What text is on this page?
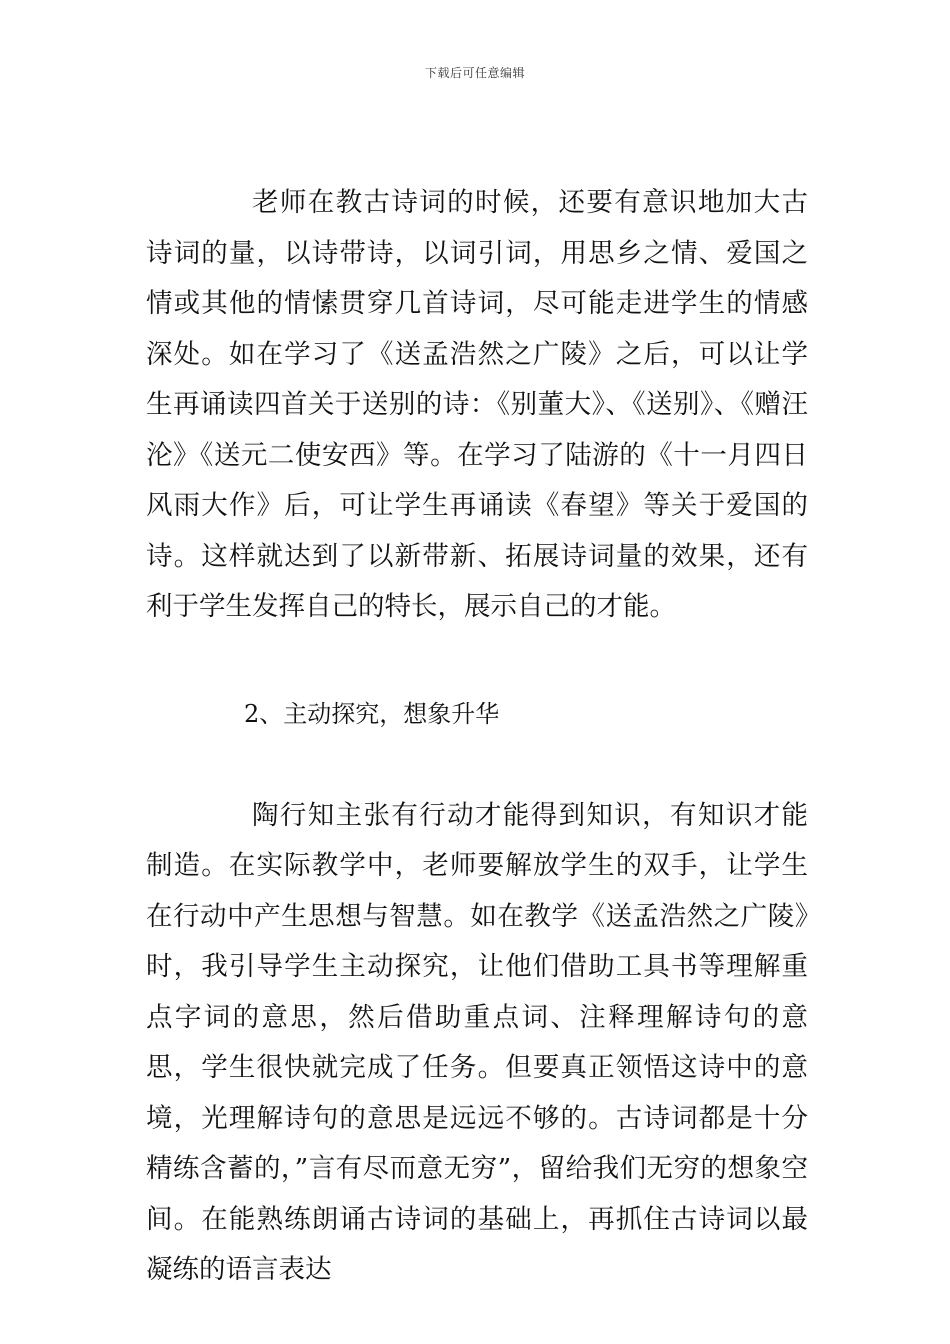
下载后可任意编辑

老师在教古诗词的时候，还要有意识地加大古诗词的量，以诗带诗，以词引词，用思乡之情、爱国之情或其他的情愫贯穿几首诗词，尽可能走进学生的情感深处。如在学习了《送孟浩然之广陵》之后，可以让学生再诵读四首关于送别的诗：《别董大》、《送别》、《赠汪沦》《送元二使安西》等。在学习了陆游的《十一月四日风雨大作》后，可让学生再诵读《春望》等关于爱国的诗。这样就达到了以新带新、拓展诗词量的效果，还有利于学生发挥自己的特长，展示自己的才能。

2、主动探究，想象升华

陶行知主张有行动才能得到知识，有知识才能制造。在实际教学中，老师要解放学生的双手，让学生在行动中产生思想与智慧。如在教学《送孟浩然之广陵》时，我引导学生主动探究，让他们借助工具书等理解重点字词的意思，然后借助重点词、注释理解诗句的意思，学生很快就完成了任务。但要真正领悟这诗中的意境，光理解诗句的意思是远远不够的。古诗词都是十分精练含蓄的，”言有尽而意无穷”，留给我们无穷的想象空间。在能熟练朗诵古诗词的基础上，再抓住古诗词以最凝练的语言表达
